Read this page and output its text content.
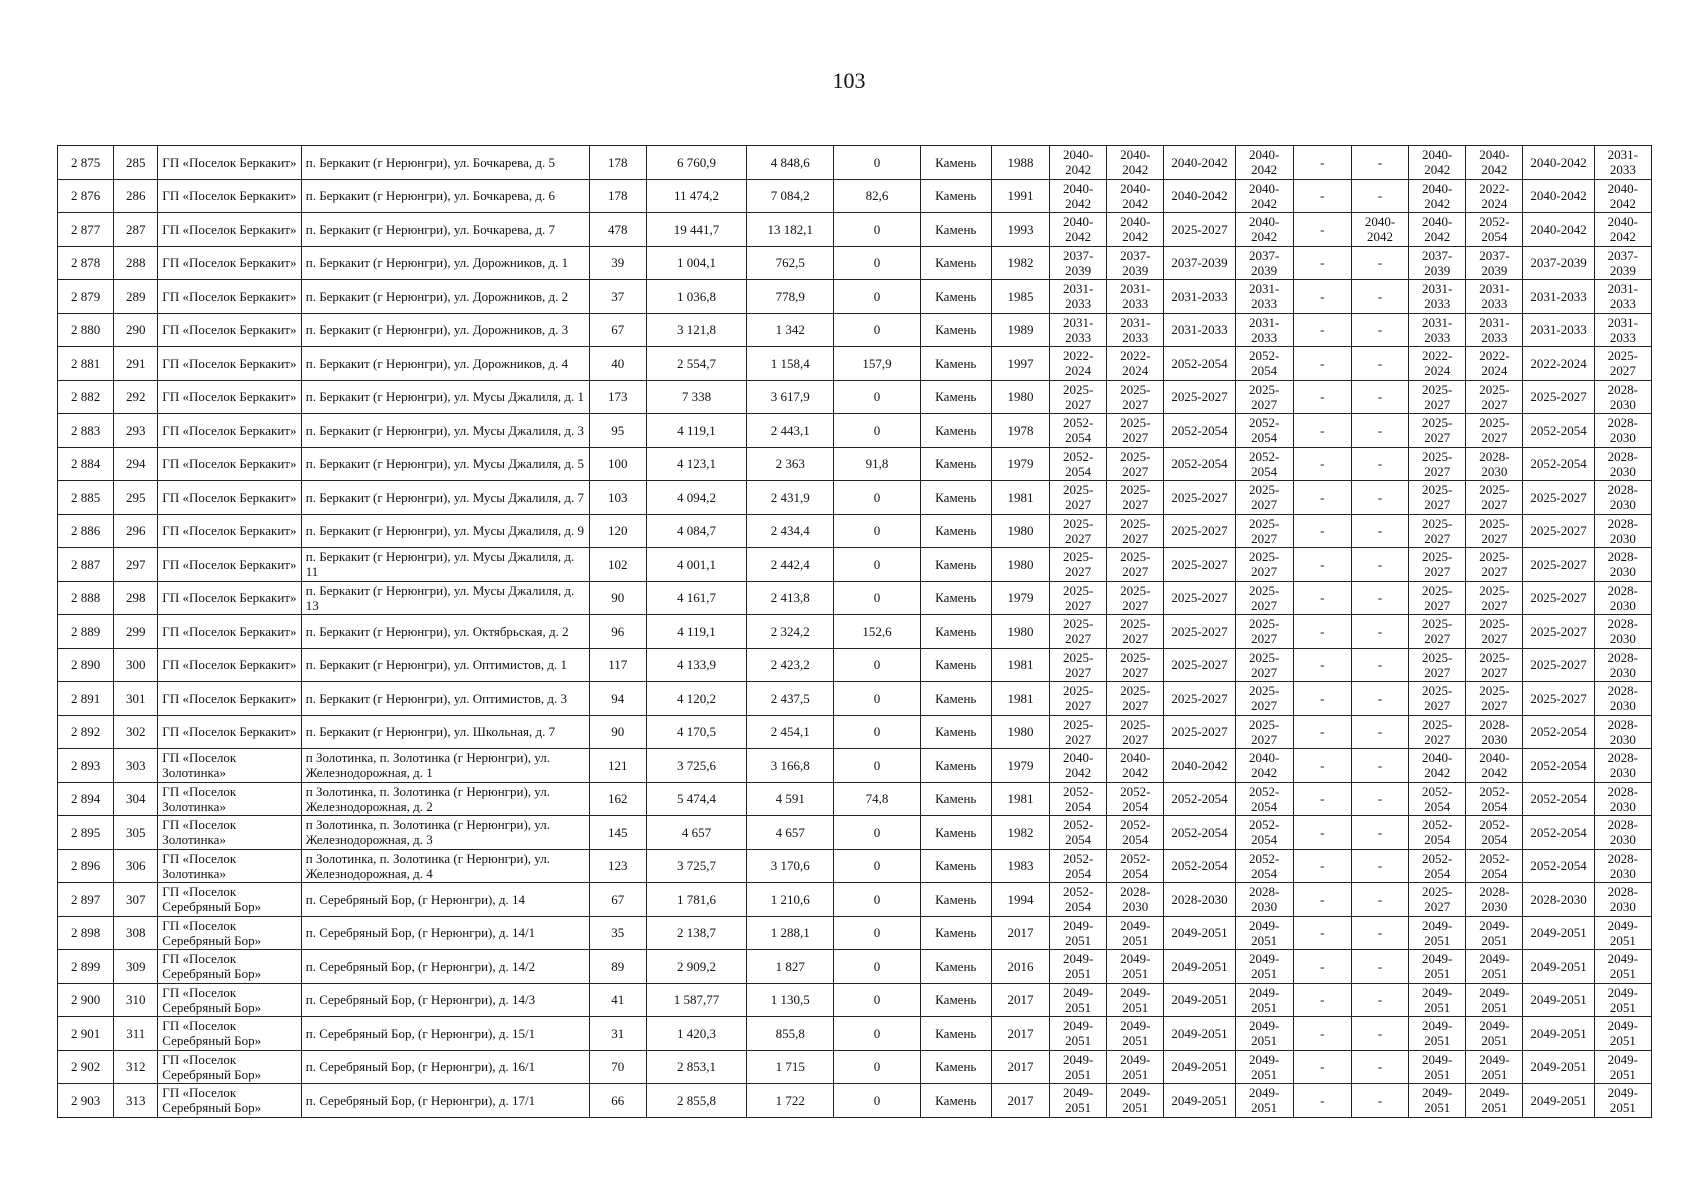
103
2 875	285	ГП «Поселок Беркакит»	п. Беркакит (г Нерюнгри), ул. Бочкарева, д. 5	178	6 760,9	4 848,6	0	Камень	1988	2040-2042	2040-2042	2040-2042	2040-2042	-	-	2040-2042	2040-2042	2040-2042	2031-2033
2 876	286	ГП «Поселок Беркакит»	п. Беркакит (г Нерюнгри), ул. Бочкарева, д. 6	178	11 474,2	7 084,2	82,6	Камень	1991	2040-2042	2040-2042	2040-2042	2040-2042	-	-	2040-2042	2022-2024	2040-2042	2040-2042
2 877	287	ГП «Поселок Беркакит»	п. Беркакит (г Нерюнгри), ул. Бочкарева, д. 7	478	19 441,7	13 182,1	0	Камень	1993	2040-2042	2040-2042	2025-2027	2040-2042	-	2040-2042	2040-2042	2052-2054	2040-2042	2040-2042
2 878	288	ГП «Поселок Беркакит»	п. Беркакит (г Нерюнгри), ул. Дорожников, д. 1	39	1 004,1	762,5	0	Камень	1982	2037-2039	2037-2039	2037-2039	2037-2039	-	-	2037-2039	2037-2039	2037-2039	2037-2039
2 879	289	ГП «Поселок Беркакит»	п. Беркакит (г Нерюнгри), ул. Дорожников, д. 2	37	1 036,8	778,9	0	Камень	1985	2031-2033	2031-2033	2031-2033	2031-2033	-	-	2031-2033	2031-2033	2031-2033	2031-2033
2 880	290	ГП «Поселок Беркакит»	п. Беркакит (г Нерюнгри), ул. Дорожников, д. 3	67	3 121,8	1 342	0	Камень	1989	2031-2033	2031-2033	2031-2033	2031-2033	-	-	2031-2033	2031-2033	2031-2033	2031-2033
2 881	291	ГП «Поселок Беркакит»	п. Беркакит (г Нерюнгри), ул. Дорожников, д. 4	40	2 554,7	1 158,4	157,9	Камень	1997	2022-2024	2022-2024	2052-2054	2052-2054	-	-	2022-2024	2022-2024	2022-2024	2025-2027
2 882	292	ГП «Поселок Беркакит»	п. Беркакит (г Нерюнгри), ул. Мусы Джалиля, д. 1	173	7 338	3 617,9	0	Камень	1980	2025-2027	2025-2027	2025-2027	2025-2027	-	-	2025-2027	2025-2027	2025-2027	2028-2030
2 883	293	ГП «Поселок Беркакит»	п. Беркакит (г Нерюнгри), ул. Мусы Джалиля, д. 3	95	4 119,1	2 443,1	0	Камень	1978	2052-2054	2025-2027	2052-2054	2052-2054	-	-	2025-2027	2025-2027	2052-2054	2028-2030
2 884	294	ГП «Поселок Беркакит»	п. Беркакит (г Нерюнгри), ул. Мусы Джалиля, д. 5	100	4 123,1	2 363	91,8	Камень	1979	2052-2054	2025-2027	2052-2054	2052-2054	-	-	2025-2027	2028-2030	2052-2054	2028-2030
2 885	295	ГП «Поселок Беркакит»	п. Беркакит (г Нерюнгри), ул. Мусы Джалиля, д. 7	103	4 094,2	2 431,9	0	Камень	1981	2025-2027	2025-2027	2025-2027	2025-2027	-	-	2025-2027	2025-2027	2025-2027	2028-2030
2 886	296	ГП «Поселок Беркакит»	п. Беркакит (г Нерюнгри), ул. Мусы Джалиля, д. 9	120	4 084,7	2 434,4	0	Камень	1980	2025-2027	2025-2027	2025-2027	2025-2027	-	-	2025-2027	2025-2027	2025-2027	2028-2030
2 887	297	ГП «Поселок Беркакит»	п. Беркакит (г Нерюнгри), ул. Мусы Джалиля, д. 11	102	4 001,1	2 442,4	0	Камень	1980	2025-2027	2025-2027	2025-2027	2025-2027	-	-	2025-2027	2025-2027	2025-2027	2028-2030
2 888	298	ГП «Поселок Беркакит»	п. Беркакит (г Нерюнгри), ул. Мусы Джалиля, д. 13	90	4 161,7	2 413,8	0	Камень	1979	2025-2027	2025-2027	2025-2027	2025-2027	-	-	2025-2027	2025-2027	2025-2027	2028-2030
2 889	299	ГП «Поселок Беркакит»	п. Беркакит (г Нерюнгри), ул. Октябрьская, д. 2	96	4 119,1	2 324,2	152,6	Камень	1980	2025-2027	2025-2027	2025-2027	2025-2027	-	-	2025-2027	2025-2027	2025-2027	2028-2030
2 890	300	ГП «Поселок Беркакит»	п. Беркакит (г Нерюнгри), ул. Оптимистов, д. 1	117	4 133,9	2 423,2	0	Камень	1981	2025-2027	2025-2027	2025-2027	2025-2027	-	-	2025-2027	2025-2027	2025-2027	2028-2030
2 891	301	ГП «Поселок Беркакит»	п. Беркакит (г Нерюнгри), ул. Оптимистов, д. 3	94	4 120,2	2 437,5	0	Камень	1981	2025-2027	2025-2027	2025-2027	2025-2027	-	-	2025-2027	2025-2027	2025-2027	2028-2030
2 892	302	ГП «Поселок Беркакит»	п. Беркакит (г Нерюнгри), ул. Школьная, д. 7	90	4 170,5	2 454,1	0	Камень	1980	2025-2027	2025-2027	2025-2027	2025-2027	-	-	2025-2027	2028-2030	2052-2054	2028-2030
2 893	303	ГП «Поселок Золотинка»	п Золотинка, п. Золотинка (г Нерюнгри), ул. Железнодорожная, д. 1	121	3 725,6	3 166,8	0	Камень	1979	2040-2042	2040-2042	2040-2042	2040-2042	-	-	2040-2042	2040-2042	2052-2054	2028-2030
2 894	304	ГП «Поселок Золотинка»	п Золотинка, п. Золотинка (г Нерюнгри), ул. Железнодорожная, д. 2	162	5 474,4	4 591	74,8	Камень	1981	2052-2054	2052-2054	2052-2054	2052-2054	-	-	2052-2054	2052-2054	2052-2054	2028-2030
2 895	305	ГП «Поселок Золотинка»	п Золотинка, п. Золотинка (г Нерюнгри), ул. Железнодорожная, д. 3	145	4 657	4 657	0	Камень	1982	2052-2054	2052-2054	2052-2054	2052-2054	-	-	2052-2054	2052-2054	2052-2054	2028-2030
2 896	306	ГП «Поселок Золотинка»	п Золотинка, п. Золотинка (г Нерюнгри), ул. Железнодорожная, д. 4	123	3 725,7	3 170,6	0	Камень	1983	2052-2054	2052-2054	2052-2054	2052-2054	-	-	2052-2054	2052-2054	2052-2054	2028-2030
2 897	307	ГП «Поселок Серебряный Бор»	п. Серебряный Бор, (г Нерюнгри), д. 14	67	1 781,6	1 210,6	0	Камень	1994	2052-2054	2028-2030	2028-2030	2028-2030	-	-	2025-2027	2028-2030	2028-2030	2028-2030
2 898	308	ГП «Поселок Серебряный Бор»	п. Серебряный Бор, (г Нерюнгри), д. 14/1	35	2 138,7	1 288,1	0	Камень	2017	2049-2051	2049-2051	2049-2051	2049-2051	-	-	2049-2051	2049-2051	2049-2051	2049-2051
2 899	309	ГП «Поселок Серебряный Бор»	п. Серебряный Бор, (г Нерюнгри), д. 14/2	89	2 909,2	1 827	0	Камень	2016	2049-2051	2049-2051	2049-2051	2049-2051	-	-	2049-2051	2049-2051	2049-2051	2049-2051
2 900	310	ГП «Поселок Серебряный Бор»	п. Серебряный Бор, (г Нерюнгри), д. 14/3	41	1 587,77	1 130,5	0	Камень	2017	2049-2051	2049-2051	2049-2051	2049-2051	-	-	2049-2051	2049-2051	2049-2051	2049-2051
2 901	311	ГП «Поселок Серебряный Бор»	п. Серебряный Бор, (г Нерюнгри), д. 15/1	31	1 420,3	855,8	0	Камень	2017	2049-2051	2049-2051	2049-2051	2049-2051	-	-	2049-2051	2049-2051	2049-2051	2049-2051
2 902	312	ГП «Поселок Серебряный Бор»	п. Серебряный Бор, (г Нерюнгри), д. 16/1	70	2 853,1	1 715	0	Камень	2017	2049-2051	2049-2051	2049-2051	2049-2051	-	-	2049-2051	2049-2051	2049-2051	2049-2051
2 903	313	ГП «Поселок Серебряный Бор»	п. Серебряный Бор, (г Нерюнгри), д. 17/1	66	2 855,8	1 722	0	Камень	2017	2049-2051	2049-2051	2049-2051	2049-2051	-	-	2049-2051	2049-2051	2049-2051	2049-2051
